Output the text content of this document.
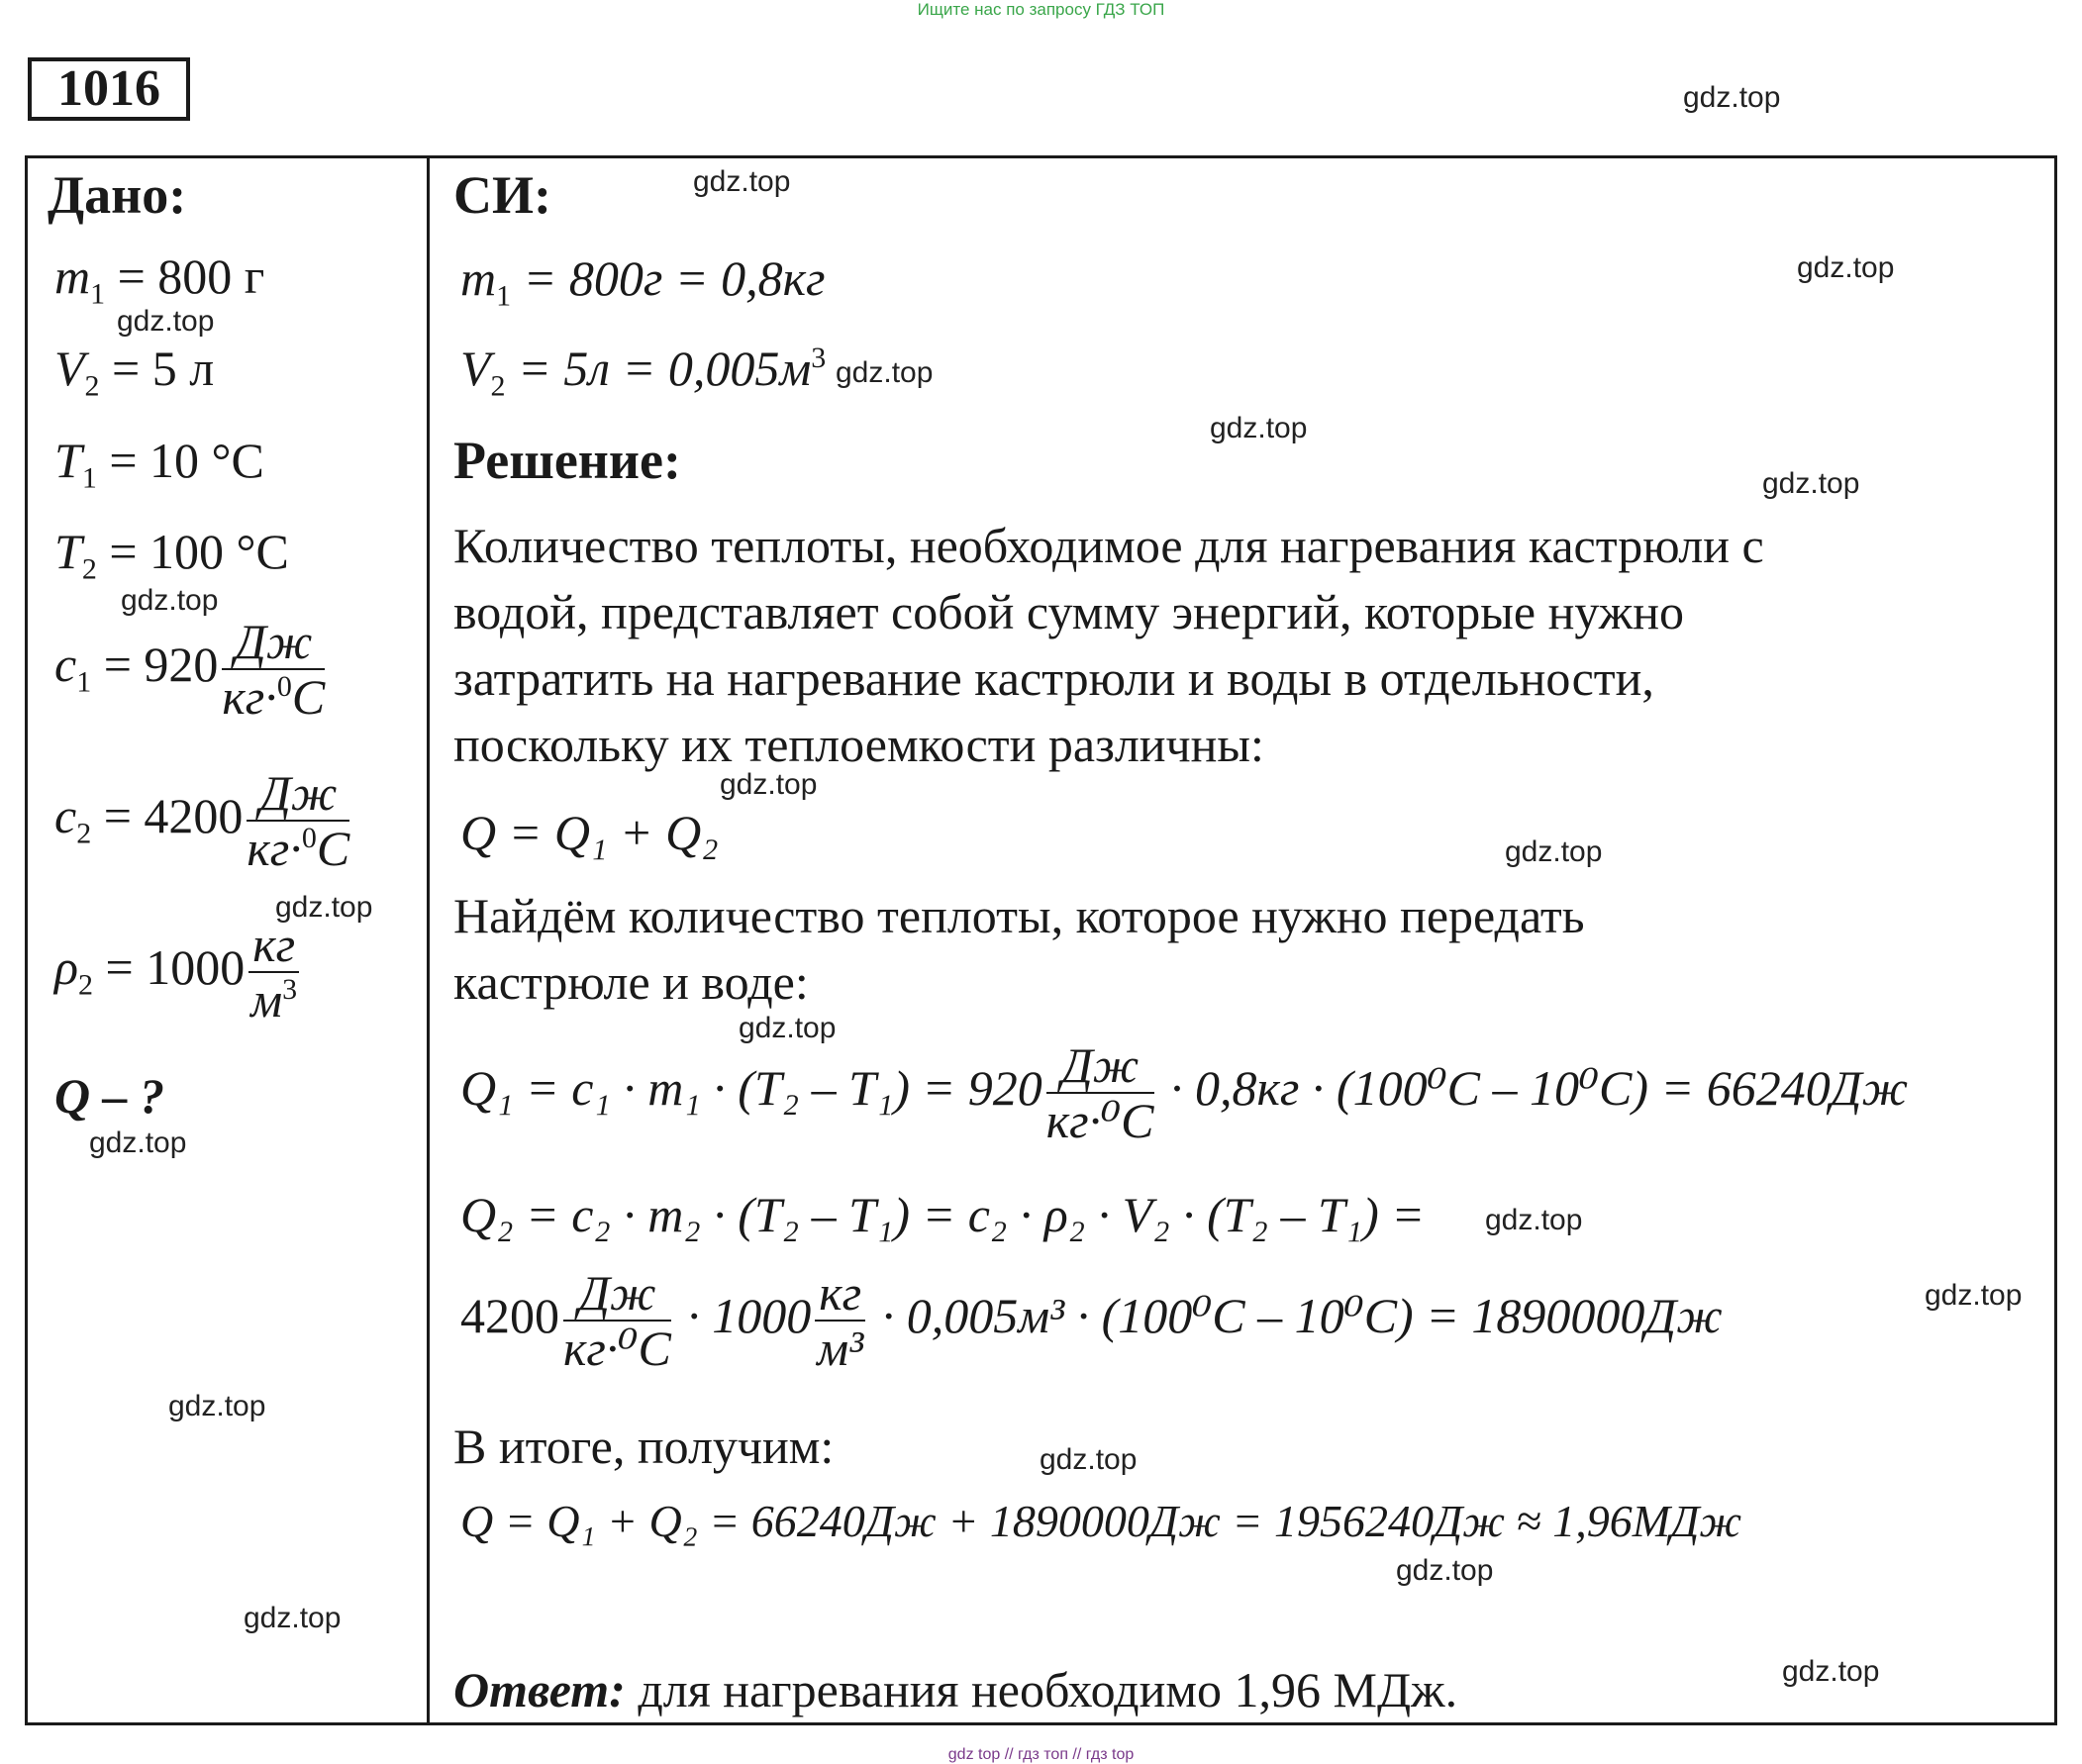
Ищите нас по запросу ГДЗ ТОП
1016
Дано:
$m_1 = 800$ г
$V_2 = 5$ л
$T_1 = 10$ °С
$T_2 = 100$ °С
$c_1 = 920 \frac{Дж}{кг\cdot^0С}$
$c_2 = 4200 \frac{Дж}{кг\cdot^0С}$
$\rho_2 = 1000 \frac{кг}{м^3}$
Q – ?
СИ:
$m_1 = 800г = 0,8кг$
$V_2 = 5л = 0,005м^3$
Решение:
Количество теплоты, необходимое для нагревания кастрюли с
водой, представляет собой сумму энергий, которые нужно
затратить на нагревание кастрюли и воды в отдельности,
поскольку их теплоемкости различны:
Q = Q₁ + Q₂
Найдём количество теплоты, которое нужно передать
кастрюле и воде:
$Q_1 = c_1 \cdot m_1 \cdot (T_2 - T_1) = 920 \frac{Дж}{\text{кг·⁰С}} \cdot 0,8кг \cdot (100^0С - 10^0С) = 66240Дж$
Q₂ = c₂ · m₂ · (T₂ – T₁) = c₂ · ρ₂ · V₂ · (T₂ – T₁) =
$4200 \frac{Дж}{\text{кг·⁰С}} \cdot 1000 \frac{кг}{\text{м³}} \cdot 0,005м^3 \cdot (100^0С - 10^0С) = 1890000Дж$
В итоге, получим:
Q = Q₁ + Q₂ = 66240Дж + 1890000Дж = 1956240Дж ≈ 1,96МДж
Ответ: для нагревания необходимо 1,96 МДж.
gdz.top
gdz.top
gdz.top
gdz.top
gdz.top
gdz.top
gdz.top
gdz.top
gdz.top
gdz.top
gdz.top
gdz.top
gdz.top
gdz.top
gdz.top
gdz.top
gdz.top
gdz.top
gdz.top
gdz.top
gdz top // гдз топ // гдз top
